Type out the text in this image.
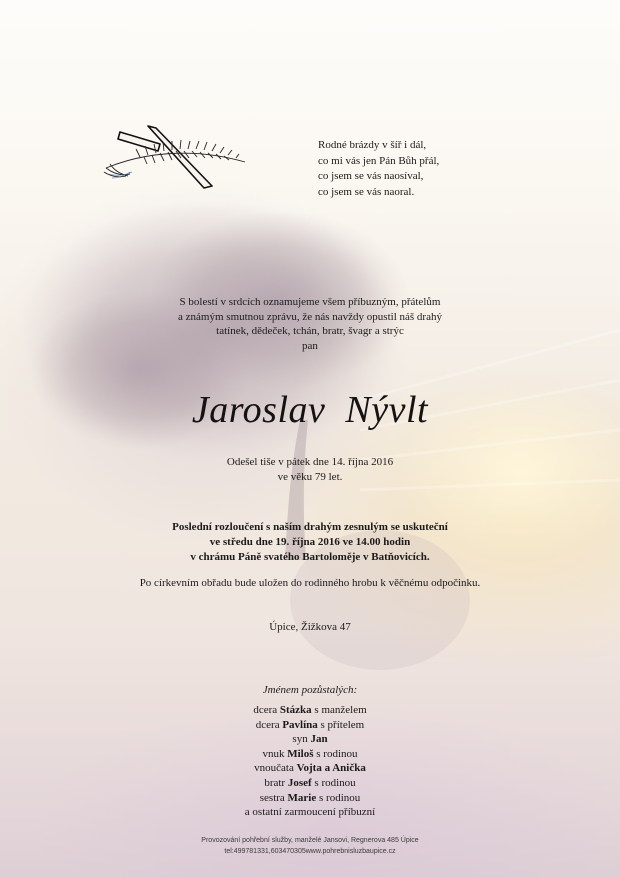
Rodné brázdy v šíř i dál,
co mi vás jen Pán Bůh přál,
co jsem se vás naosíval,
co jsem se vás naoral.
S bolestí v srdcích oznamujeme všem příbuzným, přátelům
a známým smutnou zprávu, že nás navždy opustil náš drahý
tatínek, dědeček, tchán, bratr, švagr a strýc
pan
Jaroslav  Nývlt
Odešel tiše v pátek dne 14. října 2016
ve věku 79 let.
Poslední rozloučení s naším drahým zesnulým se uskuteční
ve středu dne 19. října 2016 ve 14.00 hodin
v chrámu Páně svatého Bartoloměje v Batňovicích.
Po církevním obřadu bude uložen do rodinného hrobu k věčnému odpočinku.
Úpice, Žižkova 47
Jménem pozůstalých:
dcera Stázka s manželem
dcera Pavlína s přítelem
syn Jan
vnuk Miloš s rodinou
vnoučata Vojta a Anička
bratr Josef s rodinou
sestra Marie s rodinou
a ostatní zarmoucení příbuzní
Provozování pohřební služby, manželé Jansovi, Regnerova 485 Úpice
tel:499781331,603470305www.pohrebnisluzbaupice.cz
